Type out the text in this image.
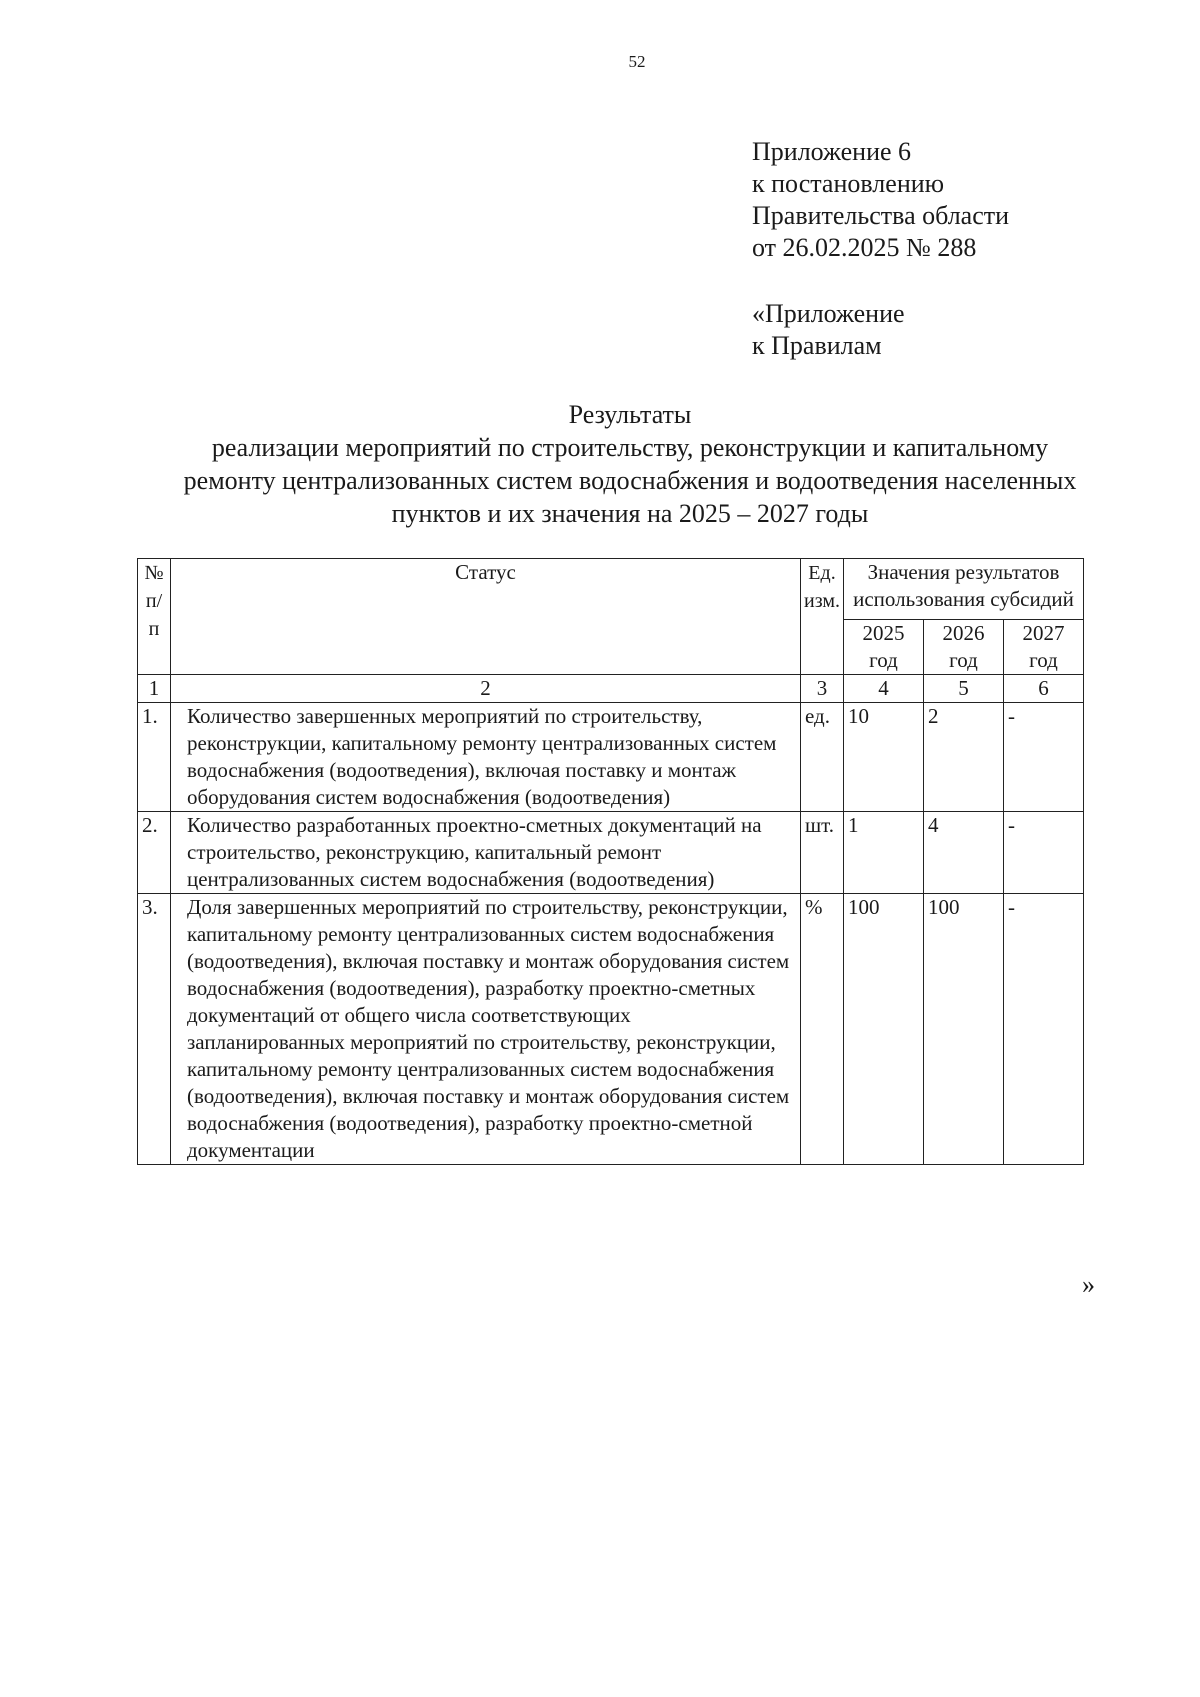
52
Приложение 6
к постановлению
Правительства области
от 26.02.2025 № 288
«Приложение
к Правилам
Результаты
реализации мероприятий по строительству, реконструкции и капитальному
ремонту централизованных систем водоснабжения и водоотведения населенных
пунктов и их значения на 2025 – 2027 годы
№ п/п	Статус	Ед. изм.	Значения результатов использования субсидий		
			2025 год	2026 год	2027 год
1	2	3	4	5	6
1.	Количество завершенных мероприятий по строительству, реконструкции, капитальному ремонту централизованных систем водоснабжения (водоотведения), включая поставку и монтаж оборудования систем водоснабжения (водоотведения)	ед.	10	2	-
2.	Количество разработанных проектно-сметных документаций на строительство, реконструкцию, капитальный ремонт централизованных систем водоснабжения (водоотведения)	шт.	1	4	-
3.	Доля завершенных мероприятий по строительству, реконструкции, капитальному ремонту централизованных систем водоснабжения (водоотведения), включая поставку и монтаж оборудования систем водоснабжения (водоотведения), разработку проектно-сметных документаций от общего числа соответствующих запланированных мероприятий по строительству, реконструкции, капитальному ремонту централизованных систем водоснабжения (водоотведения), включая поставку и монтаж оборудования систем водоснабжения (водоотведения), разработку проектно-сметной документации	%	100	100	-
»
